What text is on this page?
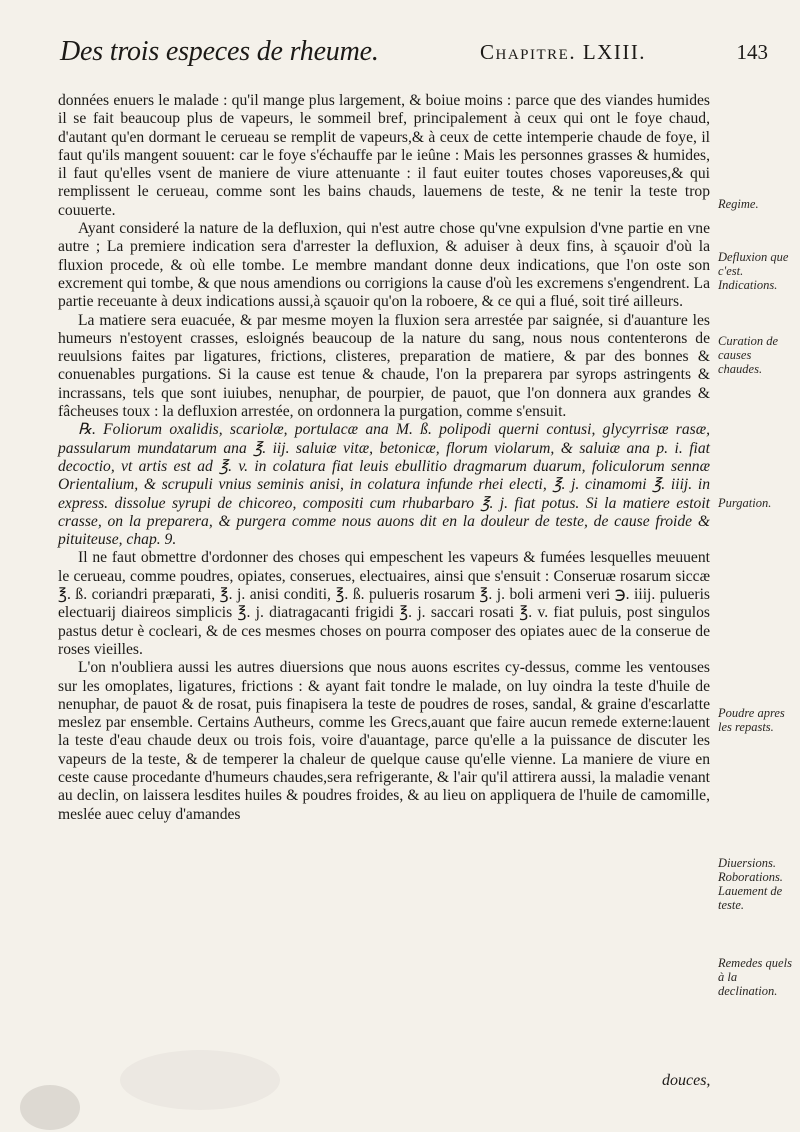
Des trois especes de rheume.	Chapitre. LXIII.	143

données enuers le malade : qu'il mange plus largement, & boiue moins : parce que des viandes humides il se fait beaucoup plus de vapeurs, le sommeil bref, principalement à ceux qui ont le foye chaud, d'autant qu'en dormant le cerueau se remplit de vapeurs,& à ceux de cette intemperie chaude de foye, il faut qu'ils mangent souuent: car le foye s'échauffe par le ieûne : Mais les personnes grasses & humides, il faut qu'elles vsent de maniere de viure attenuante : il faut euiter toutes choses vaporeuses,& qui remplissent le cerueau, comme sont les bains chauds, lauemens de teste, & ne tenir la teste trop couuerte.

Ayant consideré la nature de la defluxion, qui n'est autre chose qu'vne expulsion d'vne partie en vne autre ; La premiere indication sera d'arrester la defluxion, & aduiser à deux fins, à sçauoir d'où la fluxion procede, & où elle tombe. Le membre mandant donne deux indications, que l'on oste son excrement qui tombe, & que nous amendions ou corrigions la cause d'où les excremens s'engendrent. La partie receuante à deux indications aussi,à sçauoir qu'on la roboere, & ce qui a flué, soit tiré ailleurs.

La matiere sera euacuée, & par mesme moyen la fluxion sera arrestée par saignée, si d'auanture les humeurs n'estoyent crasses, esloignés beaucoup de la nature du sang, nous nous contenterons de reuulsions faites par ligatures, frictions, clisteres, preparation de matiere, & par des bonnes & conuenables purgations. Si la cause est tenue & chaude, l'on la preparera par syrops astringents & incrassans, tels que sont iuiubes, nenuphar, de pourpier, de pauot, que l'on donnera aux grandes & fâcheuses toux : la defluxion arrestée, on ordonnera la purgation, comme s'ensuit.

℞. Foliorum oxalidis, scariolæ, portulacæ ana M. ß. polipodi querni contusi, glycyrrisæ rasæ, passularum mundatarum ana ℥. iij. saluiæ vitæ, betonicæ, florum violarum, & saluiæ ana p. i. fiat decoctio, vt artis est ad ℥. v. in colatura fiat leuis ebullitio dragmarum duarum, foliculorum sennæ Orientalium, & scrupuli vnius seminis anisi, in colatura infunde rhei electi, ℥. j. cinamomi ℥. iiij. in express. dissolue syrupi de chicoreo, compositi cum rhubarbaro ℥. j. fiat potus. Si la matiere estoit crasse, on la preparera, & purgera comme nous auons dit en la douleur de teste, de cause froide & pituiteuse, chap. 9.

Il ne faut obmettre d'ordonner des choses qui empeschent les vapeurs & fumées lesquelles meuuent le cerueau, comme poudres, opiates, conserues, electuaires, ainsi que s'ensuit : Conseruæ rosarum siccæ ℥. ß. coriandri præparati, ℥. j. anisi conditi, ℥. ß. pulueris rosarum ℥. j. boli armeni veri ℈. iiij. pulueris electuarij diaireos simplicis ℥. j. diatragacanti frigidi ℥. j. saccari rosati ℥. v. fiat puluis, post singulos pastus detur è cocleari, & de ces mesmes choses on pourra composer des opiates auec de la conserue de roses vieilles.

L'on n'oubliera aussi les autres diuersions que nous auons escrites cy-dessus, comme les ventouses sur les omoplates, ligatures, frictions : & ayant fait tondre le malade, on luy oindra la teste d'huile de nenuphar, de pauot & de rosat, puis finapisera la teste de poudres de roses, sandal, & graine d'escarlatte meslez par ensemble. Certains Autheurs, comme les Grecs,auant que faire aucun remede externe:lauent la teste d'eau chaude deux ou trois fois, voire d'auantage, parce qu'elle a la puissance de discuter les vapeurs de la teste, & de temperer la chaleur de quelque cause qu'elle vienne. La maniere de viure en ceste cause procedante d'humeurs chaudes,sera refrigerante, & l'air qu'il attirera aussi, la maladie venant au declin, on laissera lesdites huiles & poudres froides, & au lieu on appliquera de l'huile de camomille, meslée auec celuy d'amandes

Regime.
Defluxion que c'est. Indications.
Curation de causes chaudes.
Purgation.
Poudre apres les repasts.
Diuersions. Roborations. Lauement de teste.
Remedes quels à la declination.
douces,
